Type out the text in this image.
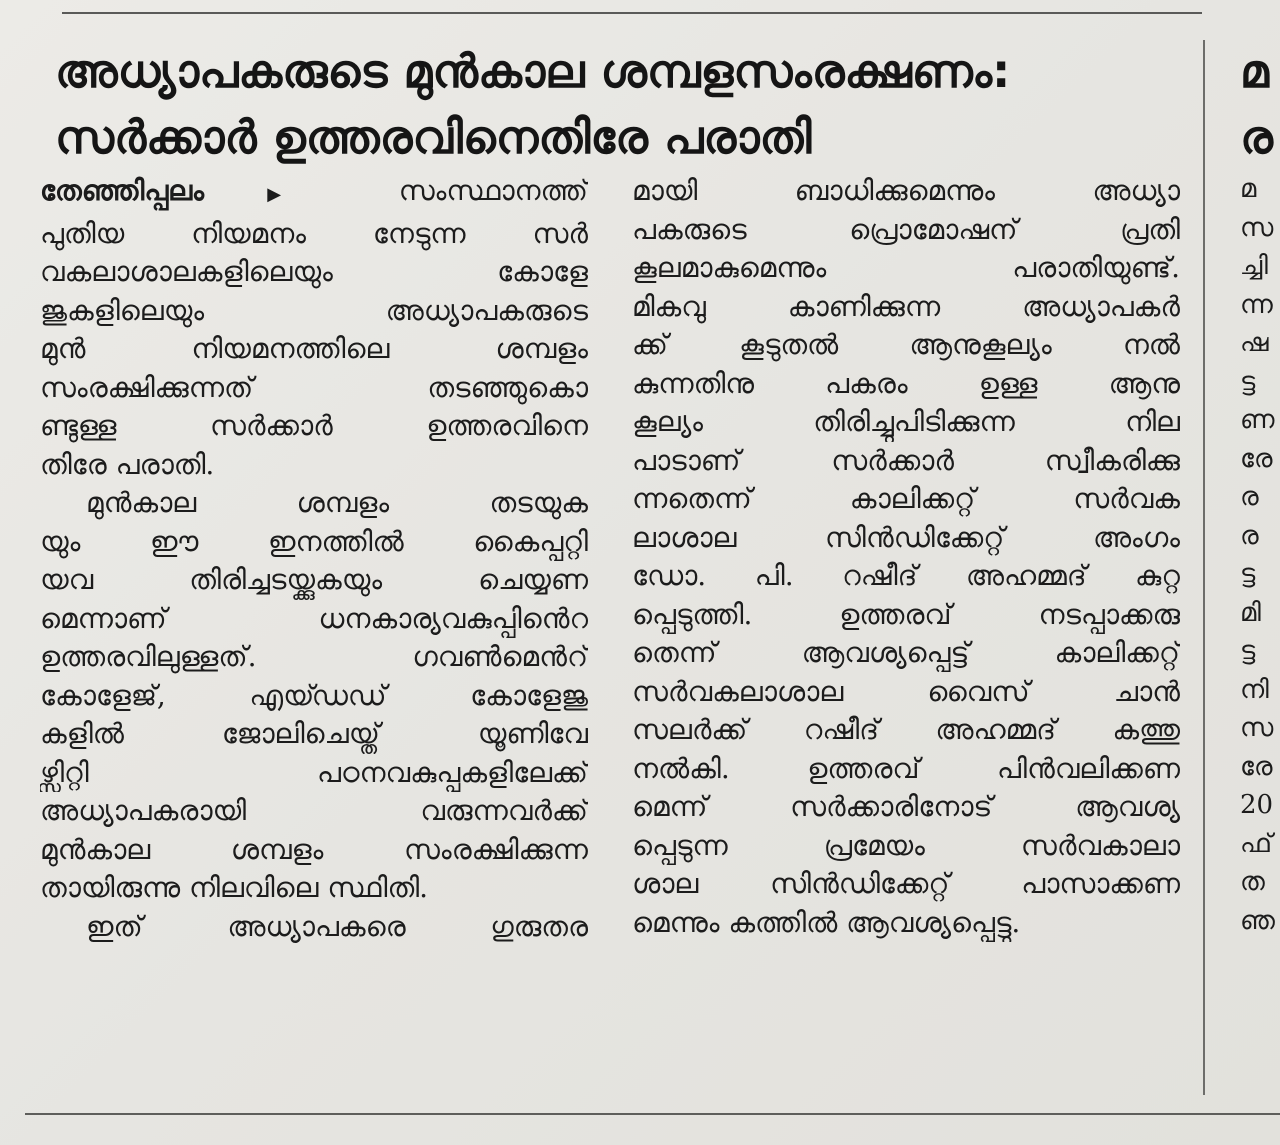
അധ്യാപകരുടെ മുൻകാല ശമ്പളസംരക്ഷണം:
സർക്കാർ ഉത്തരവിനെതിരേ പരാതി
തേഞ്ഞിപ്പലം	▶ സംസ്ഥാനത്ത്
പുതിയ നിയമനം നേടുന്ന സർ
വകലാശാലകളിലെയും കോളേ
ജുകളിലെയും അധ്യാപകരുടെ
മുൻ നിയമനത്തിലെ ശമ്പളം
സംരക്ഷിക്കുന്നത് തടഞ്ഞുകൊ
ണ്ടുള്ള സർക്കാർ ഉത്തരവിനെ
തിരേ പരാതി.
മുൻകാല ശമ്പളം തടയുക
യും ഈ ഇനത്തിൽ കൈപ്പറ്റി
യവ തിരിച്ചടയ്ക്കുകയും ചെയ്യണ
മെന്നാണ് ധനകാര്യവകുപ്പിൻെറ
ഉത്തരവിലുള്ളത്. ഗവൺമെൻറ്
കോളേജ്, എയ്ഡഡ് കോളേജു
കളിൽ ജോലിചെയ്ത് യൂണിവേ
ഴ്സിറ്റി പഠനവകുപ്പുകളിലേക്ക്
അധ്യാപകരായി വരുന്നവർക്ക്
മുൻകാല ശമ്പളം സംരക്ഷിക്കുന്ന
തായിരുന്നു നിലവിലെ സ്ഥിതി.
ഇത് അധ്യാപകരെ ഗുരുതര
മായി ബാധിക്കുമെന്നും അധ്യാ
പകരുടെ പ്രൊമോഷന് പ്രതി
കൂലമാകുമെന്നും പരാതിയുണ്ട്.
മികവു കാണിക്കുന്ന അധ്യാപകർ
ക്ക് കൂടുതൽ ആനുകൂല്യം നൽ
കുന്നതിനു പകരം ഉള്ള ആനു
കൂല്യം തിരിച്ചുപിടിക്കുന്ന നില
പാടാണ് സർക്കാർ സ്വീകരിക്കു
ന്നതെന്ന് കാലിക്കറ്റ് സർവക
ലാശാല സിൻഡിക്കേറ്റ് അംഗം
ഡോ. പി. റഷീദ് അഹമ്മദ് കുറ്റ
പ്പെടുത്തി. ഉത്തരവ് നടപ്പാക്കരു
തെന്ന് ആവശ്യപ്പെട്ട് കാലിക്കറ്റ്
സർവകലാശാല വൈസ് ചാൻ
സലർക്ക് റഷീദ് അഹമ്മദ് കത്തു
നൽകി. ഉത്തരവ് പിൻവലിക്കണ
മെന്ന് സർക്കാരിനോട് ആവശ്യ
പ്പെടുന്ന പ്രമേയം സർവകാലാ
ശാല സിൻഡിക്കേറ്റ് പാസാക്കണ
മെന്നും കത്തിൽ ആവശ്യപ്പെട്ടു.
മ
ര
മ
സ
ച്ചി
ന്ന
ഷ
ട്ട
ണ
രേ
ര
ര
ട്ട
മി
ട്ട
നി
സ
രേ
20
ഫ്
ത
ഞ
